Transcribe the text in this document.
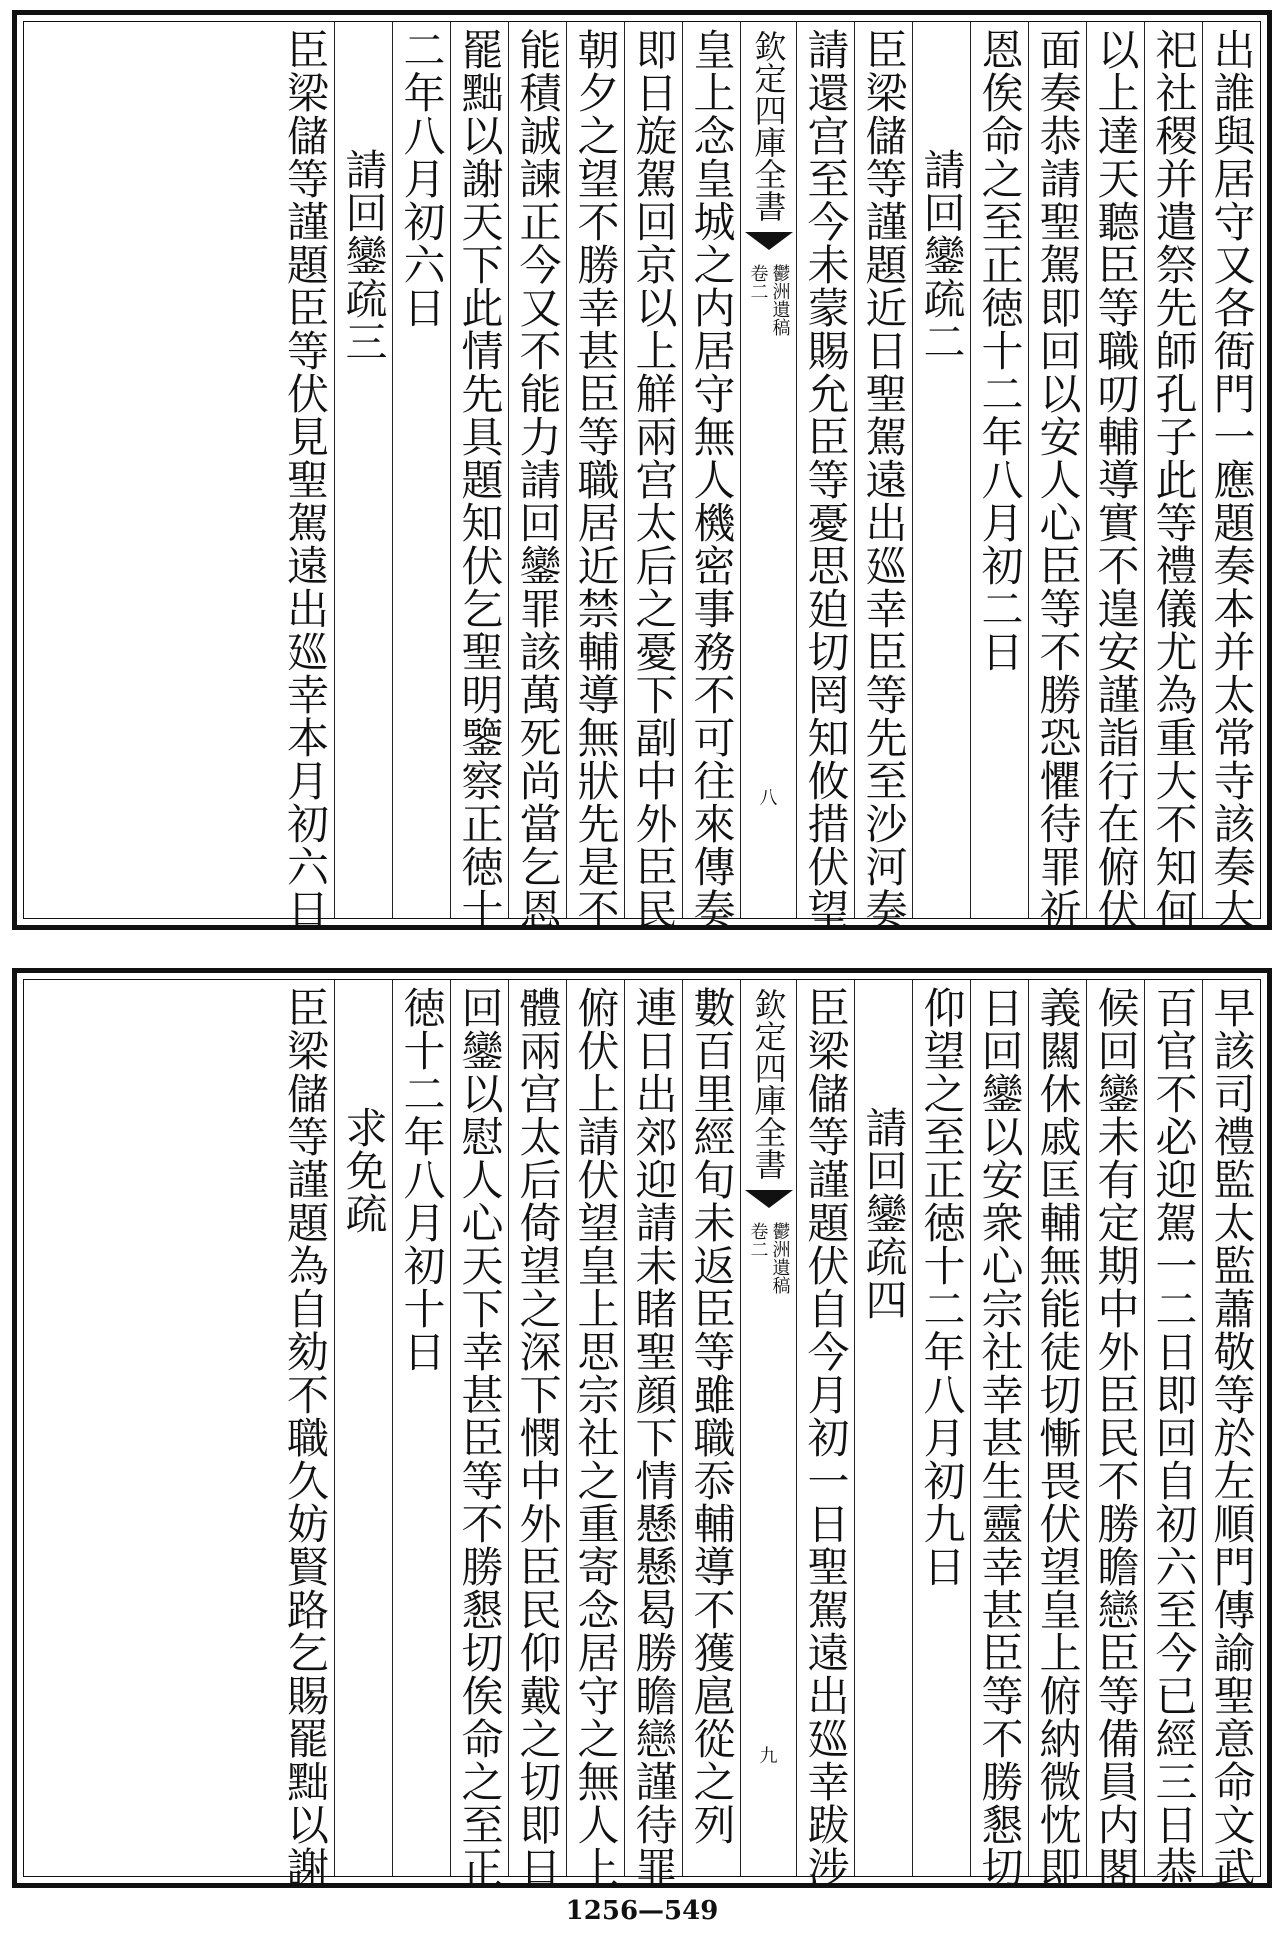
出誰與居守又各衙門一應題奏本并太常寺該奏大
祀社稷并遣祭先師孔子此等禮儀尤為重大不知何
以上達天聽臣等職叨輔導實不遑安謹詣行在俯伏
面奏恭請聖駕即回以安人心臣等不勝恐懼待罪祈
恩俟命之至正徳十二年八月初二日
請回鑾疏二
臣梁儲等謹題近日聖駕遠出廵幸臣等先至沙河奏
請還宫至今未蒙賜允臣等憂思廹切罔知攸措伏望
欽定四庫全書
鬱洲遺稿
卷二
八
皇上念皇城之内居守無人機密事務不可往來傳奏
即日旋駕回京以上觧兩宫太后之憂下副中外臣民
朝夕之望不勝幸甚臣等職居近禁輔導無狀先是不
能積誠諫正今又不能力請回鑾罪該萬死尚當乞恩
罷黜以謝天下此情先具題知伏乞聖明鑒察正徳十
二年八月初六日
請回鑾疏三
臣梁儲等謹題臣等伏見聖駕遠出廵幸本月初六日
早該司禮監太監蕭敬等於左順門傳諭聖意命文武
百官不必迎駕一二日即回自初六至今已經三日恭
候回鑾未有定期中外臣民不勝瞻戀臣等備員内閣
義闗休戚匡輔無能徒切慚畏伏望皇上俯納微忱即
日回鑾以安衆心宗社幸甚生靈幸甚臣等不勝懇切
仰望之至正徳十二年八月初九日
請回鑾疏四
臣梁儲等謹題伏自今月初一日聖駕遠出廵幸跋涉
欽定四庫全書
鬱洲遺稿
卷二
九
數百里經旬未返臣等雖職忝輔導不獲扈從之列
連日出郊迎請未睹聖顔下情懸懸曷勝瞻戀謹待罪
俯伏上請伏望皇上思宗社之重寄念居守之無人上
體兩宫太后倚望之深下憫中外臣民仰戴之切即日
回鑾以慰人心天下幸甚臣等不勝懇切俟命之至正
徳十二年八月初十日
求免疏
臣梁儲等謹題為自劾不職久妨賢路乞賜罷黜以謝
1256—549
